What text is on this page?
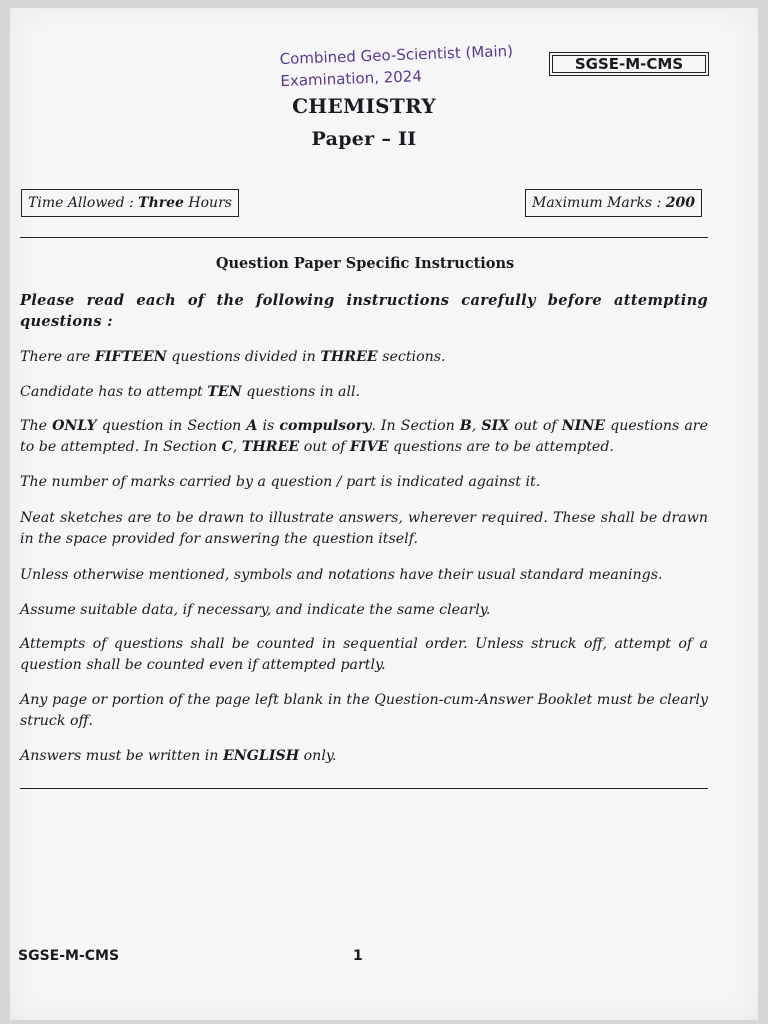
Combined Geo-Scientist (Main)
Examination, 2024
SGSE-M-CMS
CHEMISTRY
Paper – II
Time Allowed : Three Hours	Maximum Marks : 200
Question Paper Specific Instructions
Please read each of the following instructions carefully before attempting questions :
There are FIFTEEN questions divided in THREE sections.
Candidate has to attempt TEN questions in all.
The ONLY question in Section A is compulsory. In Section B, SIX out of NINE questions are to be attempted. In Section C, THREE out of FIVE questions are to be attempted.
The number of marks carried by a question / part is indicated against it.
Neat sketches are to be drawn to illustrate answers, wherever required. These shall be drawn in the space provided for answering the question itself.
Unless otherwise mentioned, symbols and notations have their usual standard meanings.
Assume suitable data, if necessary, and indicate the same clearly.
Attempts of questions shall be counted in sequential order. Unless struck off, attempt of a question shall be counted even if attempted partly.
Any page or portion of the page left blank in the Question-cum-Answer Booklet must be clearly struck off.
Answers must be written in ENGLISH only.
SGSE-M-CMS	1
